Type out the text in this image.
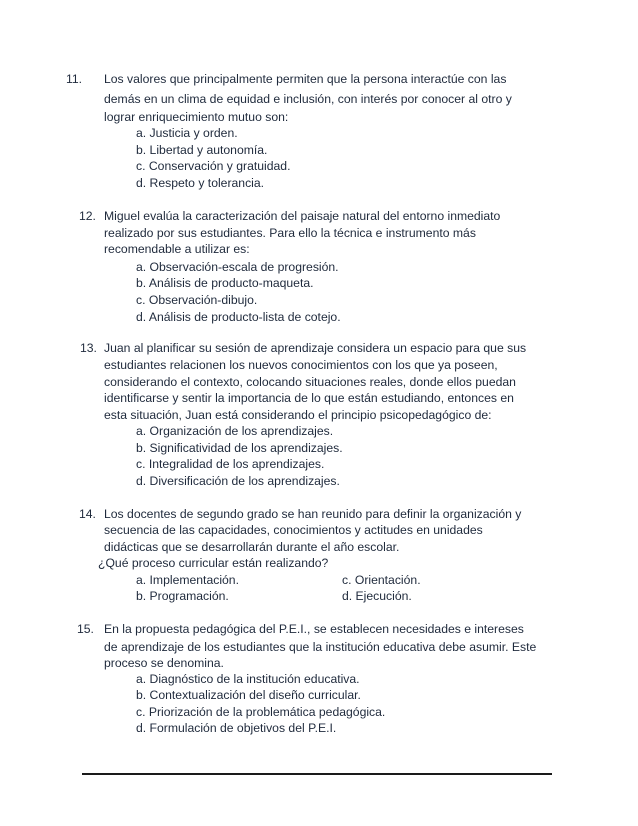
11. Los valores que principalmente permiten que la persona interactúe con las
demás en un clima de equidad e inclusión, con interés por conocer al otro y
lograr enriquecimiento mutuo son:
a. Justicia y orden.
b. Libertad y autonomía.
c. Conservación y gratuidad.
d. Respeto y tolerancia.
12. Miguel evalúa la caracterización del paisaje natural del entorno inmediato
realizado por sus estudiantes. Para ello la técnica e instrumento más
recomendable a utilizar es:
a. Observación-escala de progresión.
b. Análisis de producto-maqueta.
c. Observación-dibujo.
d. Análisis de producto-lista de cotejo.
13. Juan al planificar su sesión de aprendizaje considera un espacio para que sus
estudiantes relacionen los nuevos conocimientos con los que ya poseen,
considerando el contexto, colocando situaciones reales, donde ellos puedan
identificarse y sentir la importancia de lo que están estudiando, entonces en
esta situación, Juan está considerando el principio psicopedagógico de:
a. Organización de los aprendizajes.
b. Significatividad de los aprendizajes.
c. Integralidad de los aprendizajes.
d. Diversificación de los aprendizajes.
14. Los docentes de segundo grado se han reunido para definir la organización y
secuencia de las capacidades, conocimientos y actitudes en unidades
didácticas que se desarrollarán durante el año escolar.
¿Qué proceso curricular están realizando?
a. Implementación.	c. Orientación.
b. Programación.	d. Ejecución.
15. En la propuesta pedagógica del P.E.I., se establecen necesidades e intereses
de aprendizaje de los estudiantes que la institución educativa debe asumir. Este
proceso se denomina.
a. Diagnóstico de la institución educativa.
b. Contextualización del diseño curricular.
c. Priorización de la problemática pedagógica.
d. Formulación de objetivos del P.E.I.
